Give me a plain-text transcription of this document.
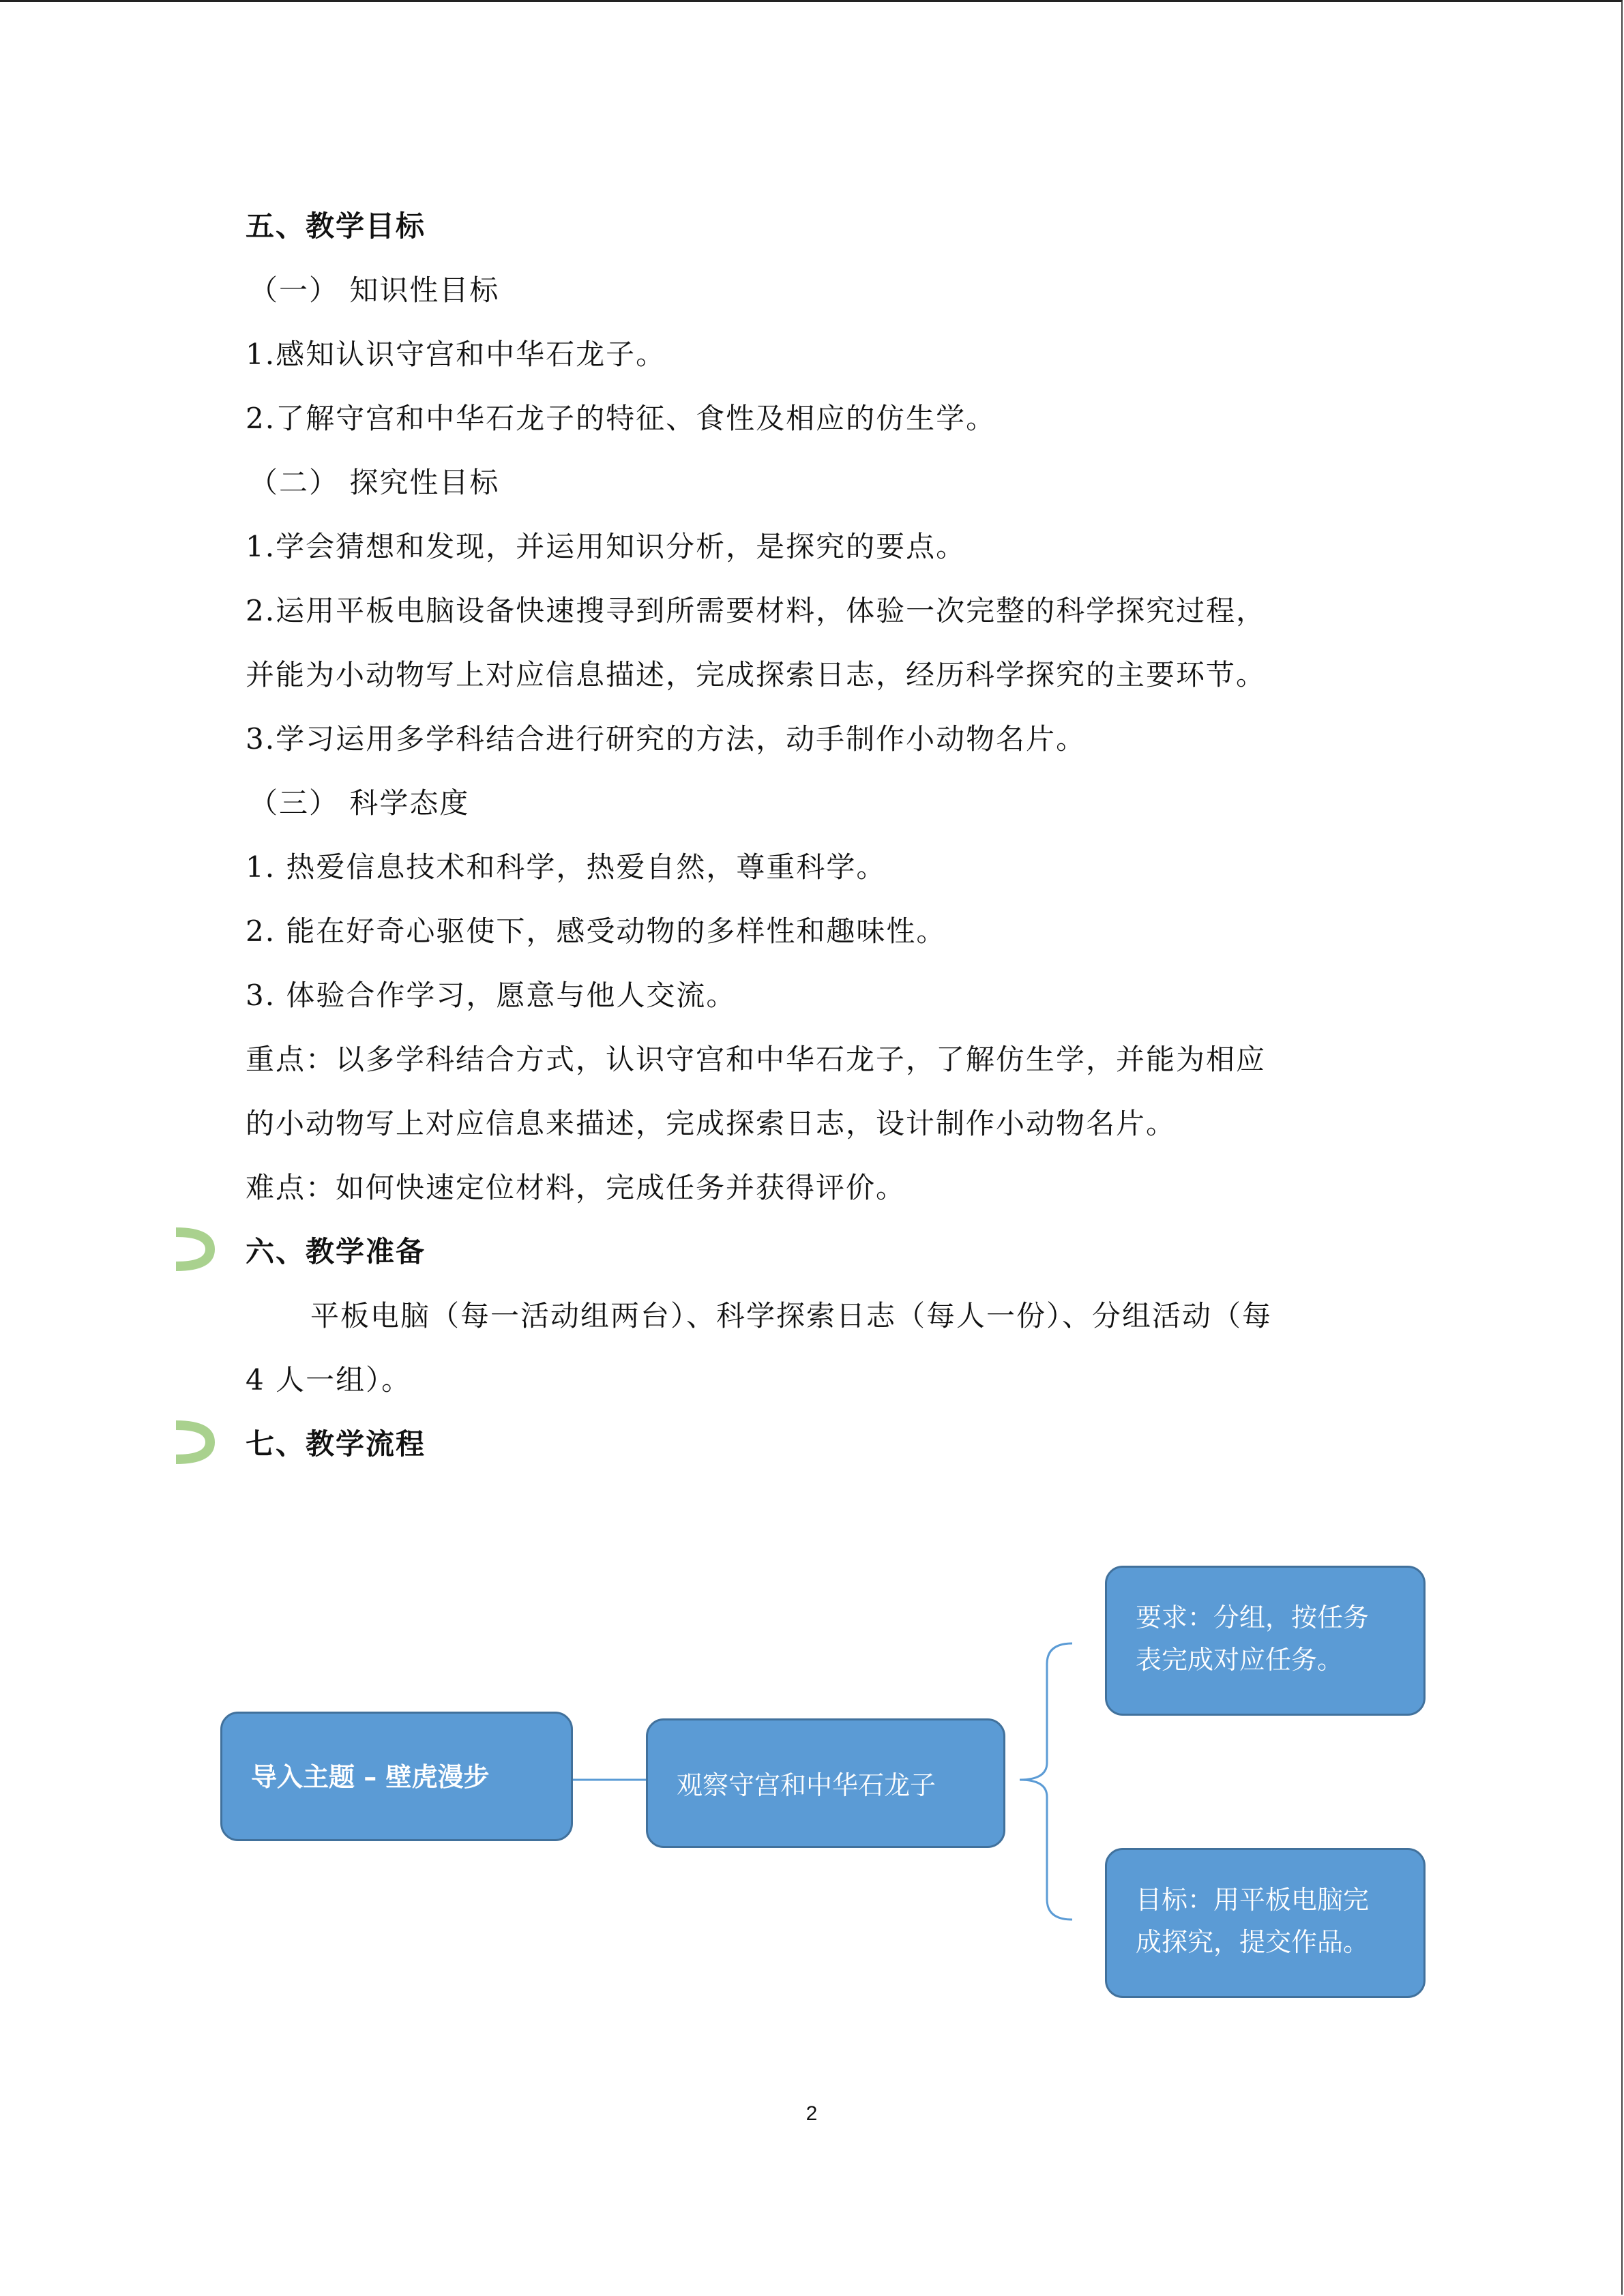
五、教学目标
（一） 知识性目标
1.感知认识守宫和中华石龙子。
2.了解守宫和中华石龙子的特征、食性及相应的仿生学。
（二） 探究性目标
1.学会猜想和发现，并运用知识分析，是探究的要点。
2.运用平板电脑设备快速搜寻到所需要材料，体验一次完整的科学探究过程，
并能为小动物写上对应信息描述，完成探索日志，经历科学探究的主要环节。
3.学习运用多学科结合进行研究的方法，动手制作小动物名片。
（三） 科学态度
1. 热爱信息技术和科学，热爱自然，尊重科学。
2. 能在好奇心驱使下，感受动物的多样性和趣味性。
3. 体验合作学习，愿意与他人交流。
重点：以多学科结合方式，认识守宫和中华石龙子，了解仿生学，并能为相应
的小动物写上对应信息来描述，完成探索日志，设计制作小动物名片。
难点：如何快速定位材料，完成任务并获得评价。
六、教学准备
平板电脑（每一活动组两台）、科学探索日志（每人一份）、分组活动（每
4 人一组）。
七、教学流程
导入主题 – 壁虎漫步	观察守宫和中华石龙子
要求：分组，按任务
表完成对应任务。
目标：用平板电脑完
成探究，提交作品。
2
